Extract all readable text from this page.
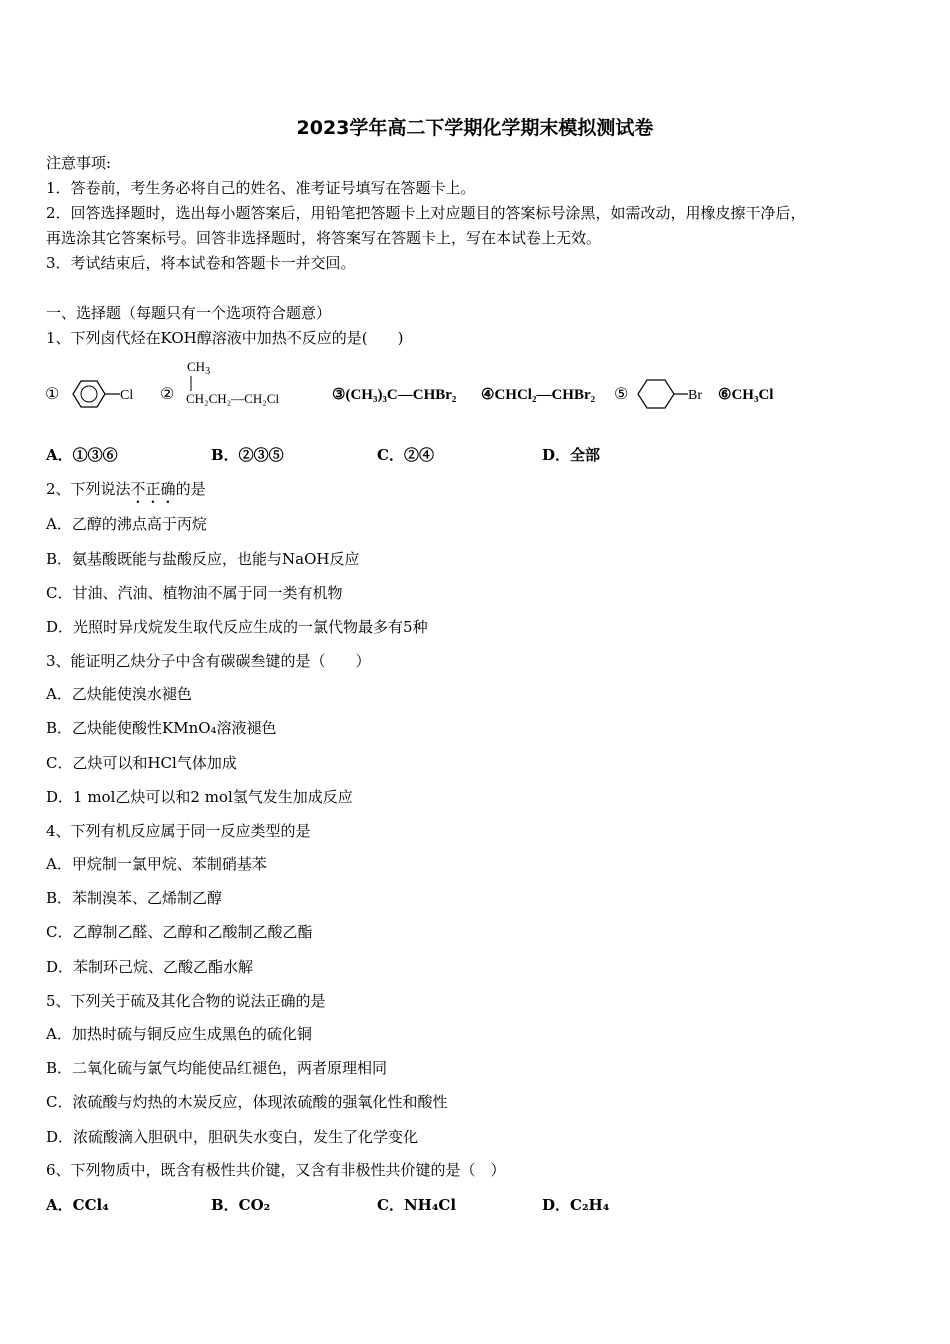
2023学年高二下学期化学期末模拟测试卷
注意事项:
1．答卷前，考生务必将自己的姓名、准考证号填写在答题卡上。
2．回答选择题时，选出每小题答案后，用铅笔把答题卡上对应题目的答案标号涂黑，如需改动，用橡皮擦干净后，
再选涂其它答案标号。回答非选择题时，将答案写在答题卡上，写在本试卷上无效。
3．考试结束后，将本试卷和答题卡一并交回。
一、选择题（每题只有一个选项符合题意）
1、下列卤代烃在KOH醇溶液中加热不反应的是(　　)
①	Cl ②
$CH_3$
CH₂CH₂—CH₂Cl	③(CH₃)₃C—CHBr₂ ④CHCl₂—CHBr₂ ⑤	Br ⑥CH₃Cl
A．①③⑥	B．②③⑤	C．②④	D．全部
2、下列说法不正确的是
A．乙醇的沸点高于丙烷
B．氨基酸既能与盐酸反应，也能与NaOH反应
C．甘油、汽油、植物油不属于同一类有机物
D．光照时异戊烷发生取代反应生成的一氯代物最多有5种
3、能证明乙炔分子中含有碳碳叁键的是（　　）
A．乙炔能使溴水褪色
B．乙炔能使酸性KMnO₄溶液褪色
C．乙炔可以和HCl气体加成
D．1 mol乙炔可以和2 mol氢气发生加成反应
4、下列有机反应属于同一反应类型的是
A．甲烷制一氯甲烷、苯制硝基苯
B．苯制溴苯、乙烯制乙醇
C．乙醇制乙醛、乙醇和乙酸制乙酸乙酯
D．苯制环己烷、乙酸乙酯水解
5、下列关于硫及其化合物的说法正确的是
A．加热时硫与铜反应生成黑色的硫化铜
B．二氧化硫与氯气均能使品红褪色，两者原理相同
C．浓硫酸与灼热的木炭反应，体现浓硫酸的强氧化性和酸性
D．浓硫酸滴入胆矾中，胆矾失水变白，发生了化学变化
6、下列物质中，既含有极性共价键，又含有非极性共价键的是（　）
A．CCl₄	B．CO₂	C．NH₄Cl	D．C₂H₄
